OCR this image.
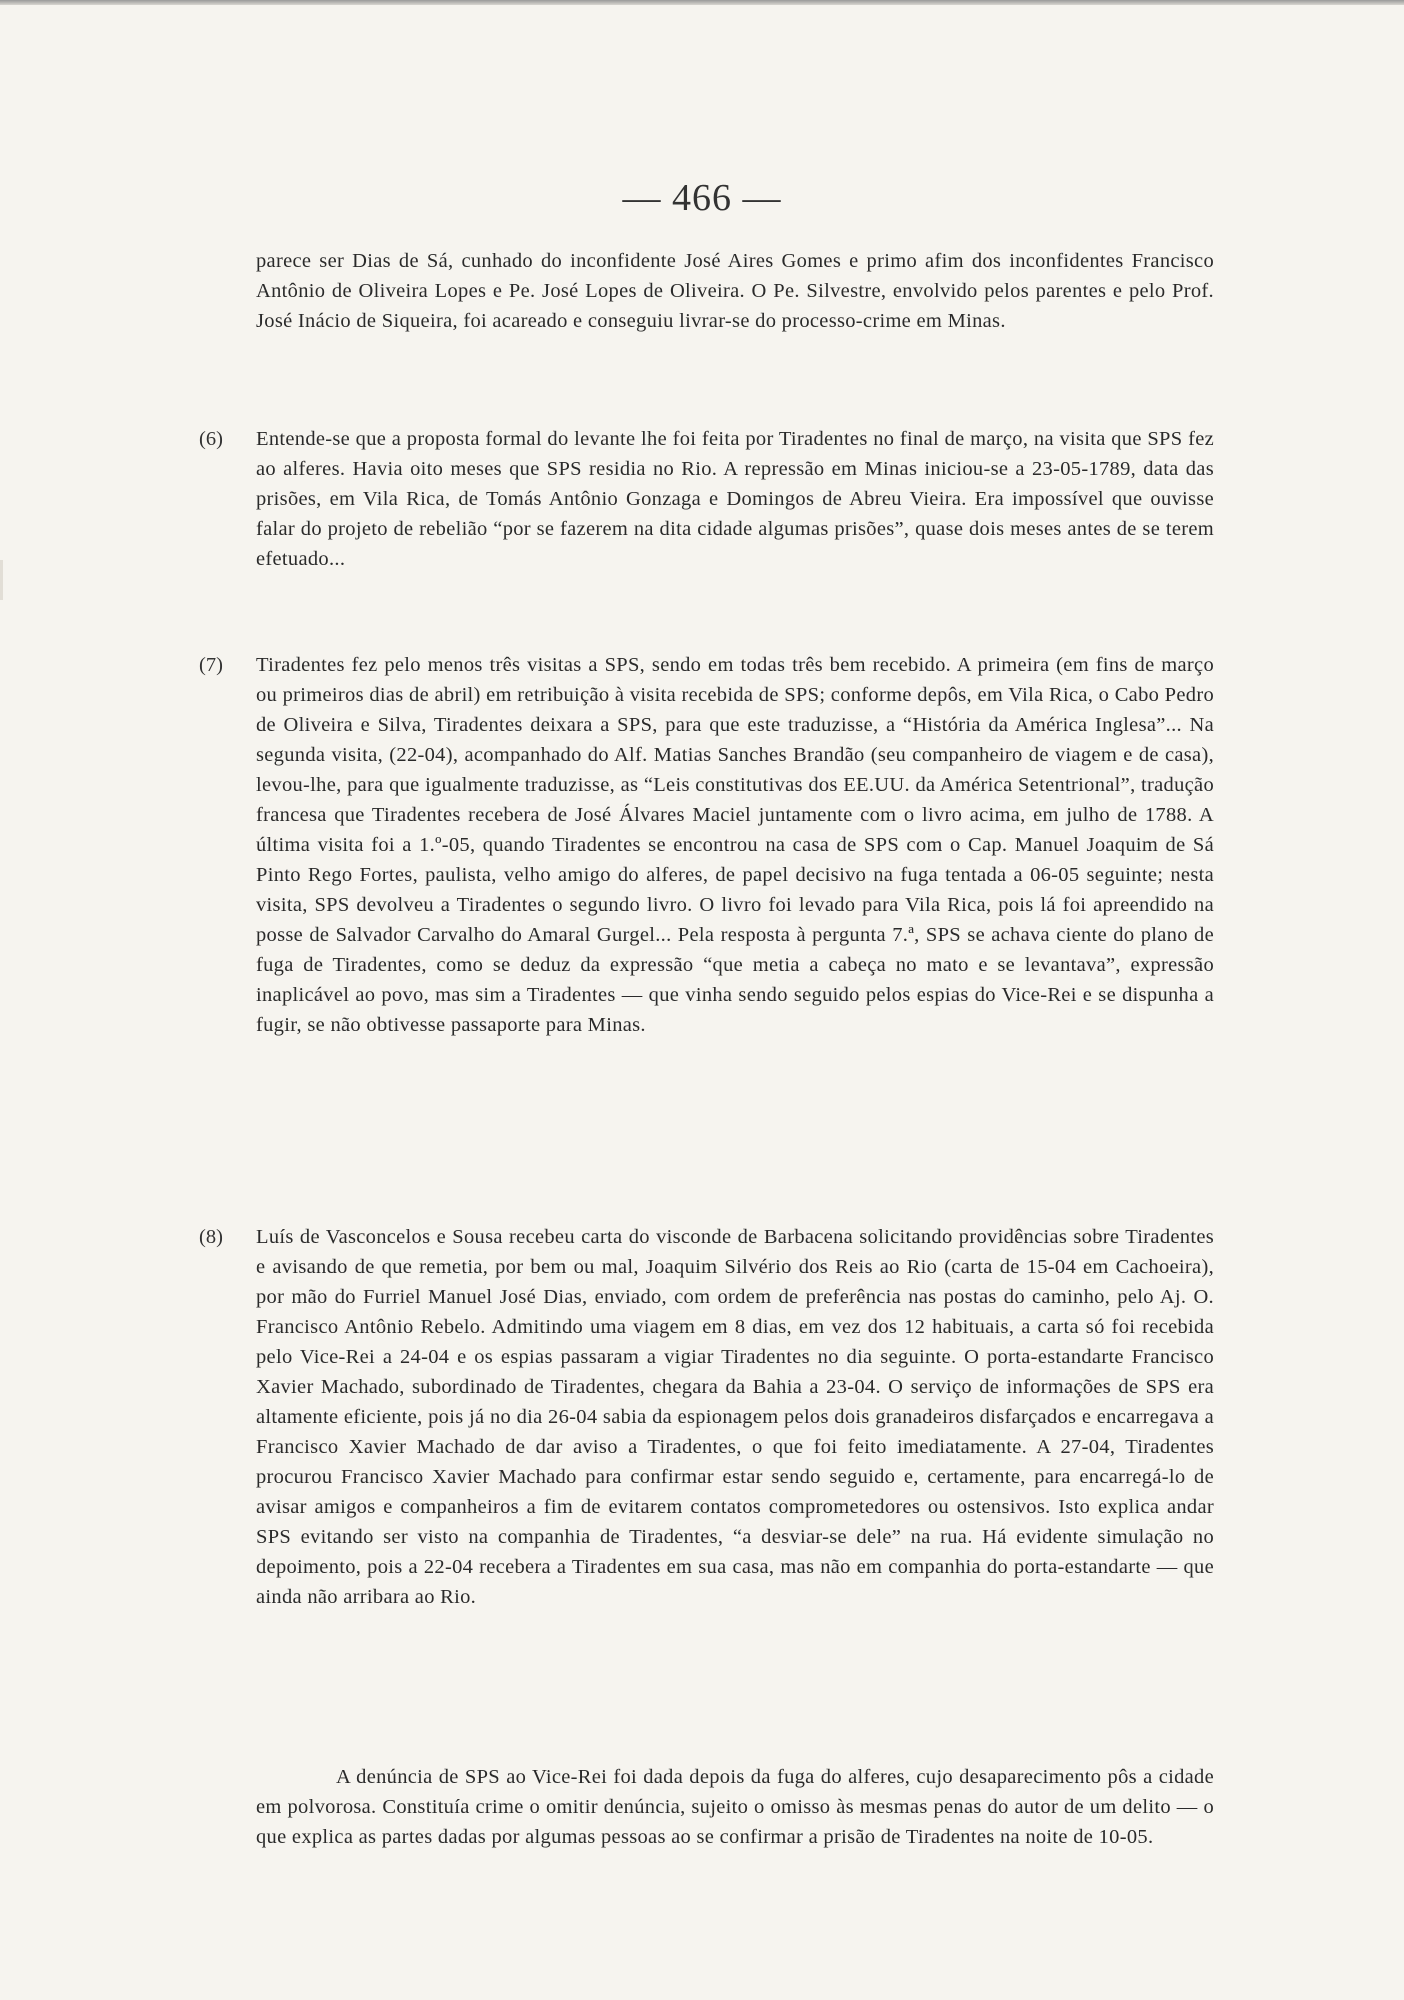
— 466 —
parece ser Dias de Sá, cunhado do inconfidente José Aires Gomes e primo afim dos inconfidentes Francisco Antônio de Oliveira Lopes e Pe. José Lopes de Oliveira. O Pe. Silvestre, envolvido pelos parentes e pelo Prof. José Inácio de Siqueira, foi acareado e conseguiu livrar-se do processo-crime em Minas.
(6) Entende-se que a proposta formal do levante lhe foi feita por Tiradentes no final de março, na visita que SPS fez ao alferes. Havia oito meses que SPS residia no Rio. A repressão em Minas iniciou-se a 23-05-1789, data das prisões, em Vila Rica, de Tomás Antônio Gonzaga e Domingos de Abreu Vieira. Era impossível que ouvisse falar do projeto de rebelião “por se fazerem na dita cidade algumas prisões”, quase dois meses antes de se terem efetuado...
(7) Tiradentes fez pelo menos três visitas a SPS, sendo em todas três bem recebido. A primeira (em fins de março ou primeiros dias de abril) em retribuição à visita recebida de SPS; conforme depôs, em Vila Rica, o Cabo Pedro de Oliveira e Silva, Tiradentes deixara a SPS, para que este traduzisse, a “História da América Inglesa”... Na segunda visita, (22-04), acompanhado do Alf. Matias Sanches Brandão (seu companheiro de viagem e de casa), levou-lhe, para que igualmente traduzisse, as “Leis constitutivas dos EE.UU. da América Setentrional”, tradução francesa que Tiradentes recebera de José Álvares Maciel juntamente com o livro acima, em julho de 1788. A última visita foi a 1.º-05, quando Tiradentes se encontrou na casa de SPS com o Cap. Manuel Joaquim de Sá Pinto Rego Fortes, paulista, velho amigo do alferes, de papel decisivo na fuga tentada a 06-05 seguinte; nesta visita, SPS devolveu a Tiradentes o segundo livro. O livro foi levado para Vila Rica, pois lá foi apreendido na posse de Salvador Carvalho do Amaral Gurgel... Pela resposta à pergunta 7.ª, SPS se achava ciente do plano de fuga de Tiradentes, como se deduz da expressão “que metia a cabeça no mato e se levantava”, expressão inaplicável ao povo, mas sim a Tiradentes — que vinha sendo seguido pelos espias do Vice-Rei e se dispunha a fugir, se não obtivesse passaporte para Minas.
(8) Luís de Vasconcelos e Sousa recebeu carta do visconde de Barbacena solicitando providências sobre Tiradentes e avisando de que remetia, por bem ou mal, Joaquim Silvério dos Reis ao Rio (carta de 15-04 em Cachoeira), por mão do Furriel Manuel José Dias, enviado, com ordem de preferência nas postas do caminho, pelo Aj. O. Francisco Antônio Rebelo. Admitindo uma viagem em 8 dias, em vez dos 12 habituais, a carta só foi recebida pelo Vice-Rei a 24-04 e os espias passaram a vigiar Tiradentes no dia seguinte. O porta-estandarte Francisco Xavier Machado, subordinado de Tiradentes, chegara da Bahia a 23-04. O serviço de informações de SPS era altamente eficiente, pois já no dia 26-04 sabia da espionagem pelos dois granadeiros disfarçados e encarregava a Francisco Xavier Machado de dar aviso a Tiradentes, o que foi feito imediatamente. A 27-04, Tiradentes procurou Francisco Xavier Machado para confirmar estar sendo seguido e, certamente, para encarregá-lo de avisar amigos e companheiros a fim de evitarem contatos comprometedores ou ostensivos. Isto explica andar SPS evitando ser visto na companhia de Tiradentes, “a desviar-se dele” na rua. Há evidente simulação no depoimento, pois a 22-04 recebera a Tiradentes em sua casa, mas não em companhia do porta-estandarte — que ainda não arribara ao Rio.
A denúncia de SPS ao Vice-Rei foi dada depois da fuga do alferes, cujo desaparecimento pôs a cidade em polvorosa. Constituía crime o omitir denúncia, sujeito o omisso às mesmas penas do autor de um delito — o que explica as partes dadas por algumas pessoas ao se confirmar a prisão de Tiradentes na noite de 10-05.
